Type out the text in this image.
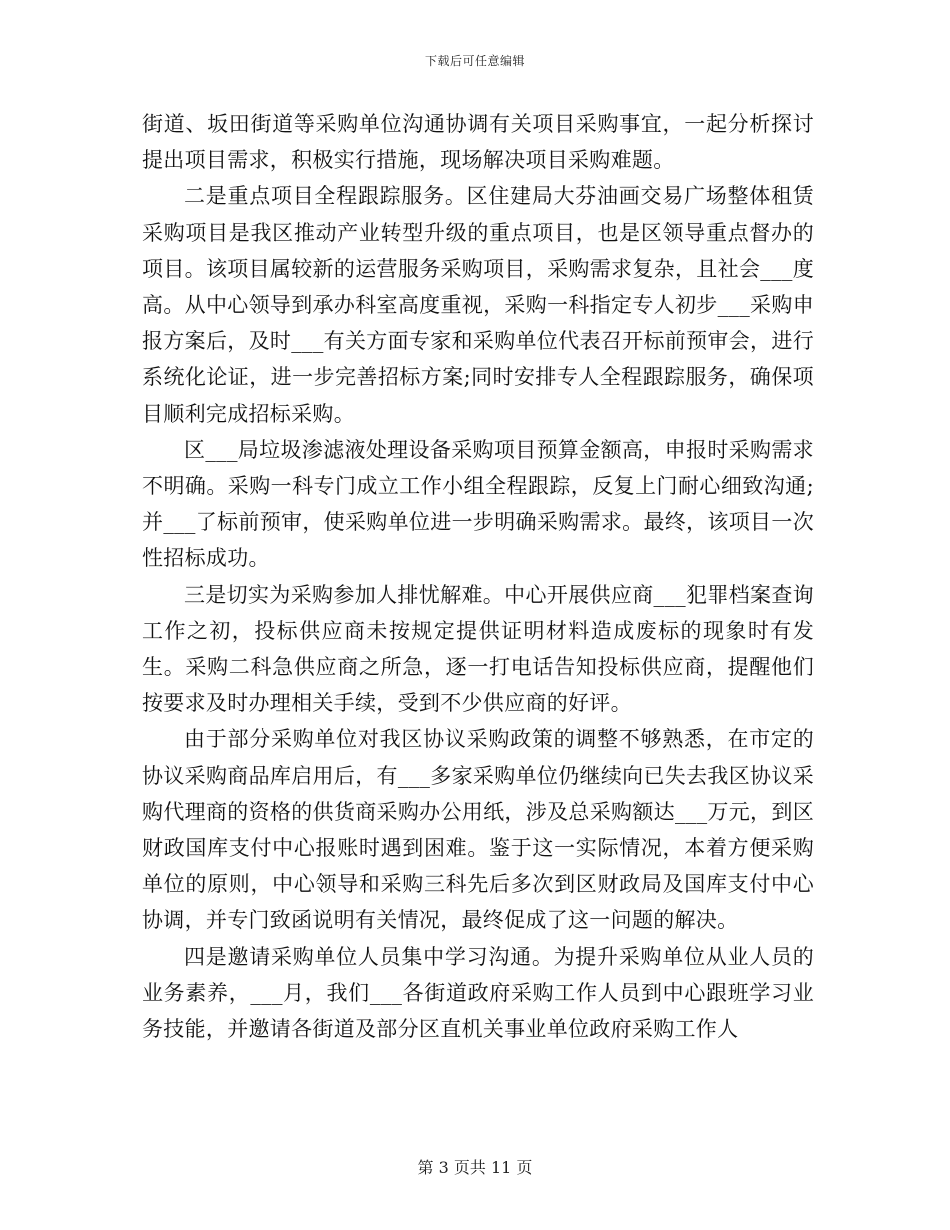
下载后可任意编辑

街道、坂田街道等采购单位沟通协调有关项目采购事宜，一起分析探讨提出项目需求，积极实行措施，现场解决项目采购难题。

二是重点项目全程跟踪服务。区住建局大芬油画交易广场整体租赁采购项目是我区推动产业转型升级的重点项目，也是区领导重点督办的项目。该项目属较新的运营服务采购项目，采购需求复杂，且社会___度高。从中心领导到承办科室高度重视，采购一科指定专人初步___采购申报方案后，及时___有关方面专家和采购单位代表召开标前预审会，进行系统化论证，进一步完善招标方案;同时安排专人全程跟踪服务，确保项目顺利完成招标采购。

区___局垃圾渗滤液处理设备采购项目预算金额高，申报时采购需求不明确。采购一科专门成立工作小组全程跟踪，反复上门耐心细致沟通;并___了标前预审，使采购单位进一步明确采购需求。最终，该项目一次性招标成功。

三是切实为采购参加人排忧解难。中心开展供应商___犯罪档案查询工作之初，投标供应商未按规定提供证明材料造成废标的现象时有发生。采购二科急供应商之所急，逐一打电话告知投标供应商，提醒他们按要求及时办理相关手续，受到不少供应商的好评。

由于部分采购单位对我区协议采购政策的调整不够熟悉，在市定的协议采购商品库启用后，有___多家采购单位仍继续向已失去我区协议采购代理商的资格的供货商采购办公用纸，涉及总采购额达___万元，到区财政国库支付中心报账时遇到困难。鉴于这一实际情况，本着方便采购单位的原则，中心领导和采购三科先后多次到区财政局及国库支付中心协调，并专门致函说明有关情况，最终促成了这一问题的解决。

四是邀请采购单位人员集中学习沟通。为提升采购单位从业人员的业务素养，___月，我们___各街道政府采购工作人员到中心跟班学习业务技能，并邀请各街道及部分区直机关事业单位政府采购工作人

第 3 页共 11 页
